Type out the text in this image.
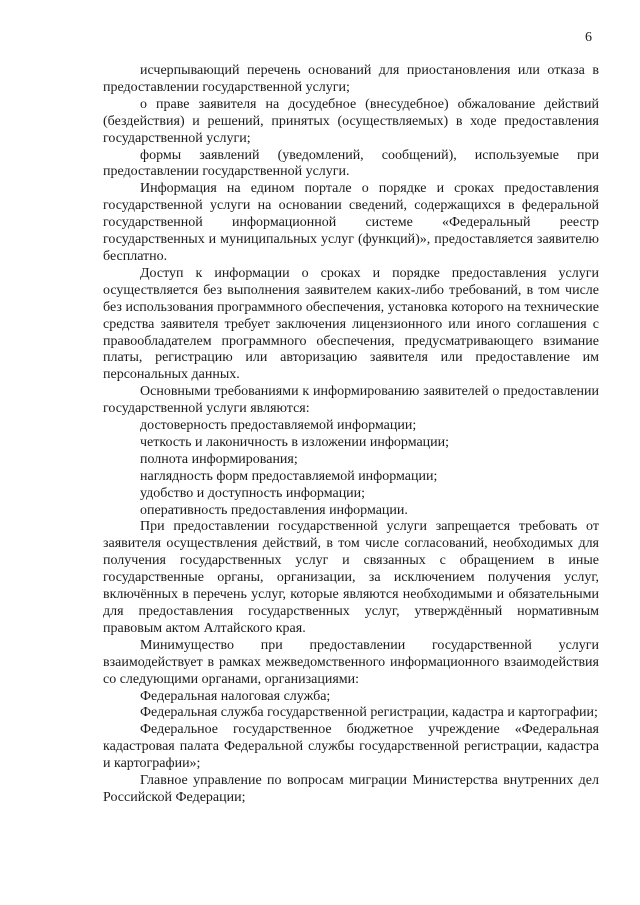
6

исчерпывающий перечень оснований для приостановления или отказа в предоставлении государственной услуги;

о праве заявителя на досудебное (внесудебное) обжалование действий (бездействия) и решений, принятых (осуществляемых) в ходе предоставления государственной услуги;

формы заявлений (уведомлений, сообщений), используемые при предоставлении государственной услуги.

Информация на едином портале о порядке и сроках предоставления государственной услуги на основании сведений, содержащихся в федеральной государственной информационной системе «Федеральный реестр государственных и муниципальных услуг (функций)», предоставляется заявителю бесплатно.

Доступ к информации о сроках и порядке предоставления услуги осуществляется без выполнения заявителем каких-либо требований, в том числе без использования программного обеспечения, установка которого на технические средства заявителя требует заключения лицензионного или иного соглашения с правообладателем программного обеспечения, предусматривающего взимание платы, регистрацию или авторизацию заявителя или предоставление им персональных данных.

Основными требованиями к информированию заявителей о предоставлении государственной услуги являются:

достоверность предоставляемой информации;

четкость и лаконичность в изложении информации;

полнота информирования;

наглядность форм предоставляемой информации;

удобство и доступность информации;

оперативность предоставления информации.

При предоставлении государственной услуги запрещается требовать от заявителя осуществления действий, в том числе согласований, необходимых для получения государственных услуг и связанных с обращением в иные государственные органы, организации, за исключением получения услуг, включённых в перечень услуг, которые являются необходимыми и обязательными для предоставления государственных услуг, утверждённый нормативным правовым актом Алтайского края.

Минимущество при предоставлении государственной услуги взаимодействует в рамках межведомственного информационного взаимодействия со следующими органами, организациями:

Федеральная налоговая служба;

Федеральная служба государственной регистрации, кадастра и картографии;

Федеральное государственное бюджетное учреждение «Федеральная кадастровая палата Федеральной службы государственной регистрации, кадастра и картографии»;

Главное управление по вопросам миграции Министерства внутренних дел Российской Федерации;
